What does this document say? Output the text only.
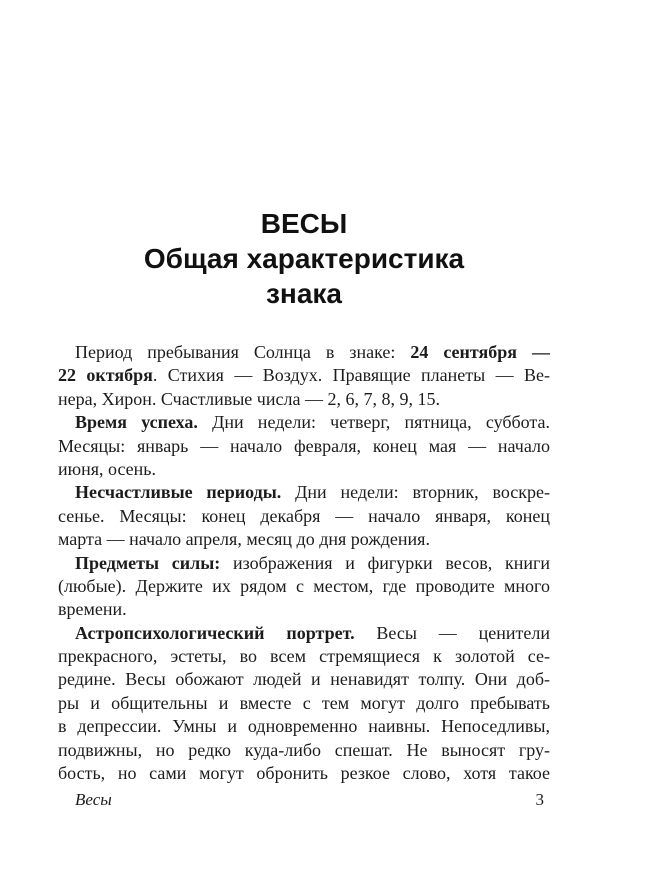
ВЕСЫ
Общая характеристика
знака
Период пребывания Солнца в знаке: 24 сентября —
22 октября. Стихия — Воздух. Правящие планеты — Ве-
нера, Хирон. Счастливые числа — 2, 6, 7, 8, 9, 15.
Время успеха. Дни недели: четверг, пятница, суббота.
Месяцы: январь — начало февраля, конец мая — начало
июня, осень.
Несчастливые периоды. Дни недели: вторник, воскре-
сенье. Месяцы: конец декабря — начало января, конец
марта — начало апреля, месяц до дня рождения.
Предметы силы: изображения и фигурки весов, книги
(любые). Держите их рядом с местом, где проводите много
времени.
Астропсихологический портрет. Весы — ценители
прекрасного, эстеты, во всем стремящиеся к золотой се-
редине. Весы обожают людей и ненавидят толпу. Они доб-
ры и общительны и вместе с тем могут долго пребывать
в депрессии. Умны и одновременно наивны. Непоседливы,
подвижны, но редко куда-либо спешат. Не выносят гру-
бость, но сами могут обронить резкое слово, хотя такое
Весы	3
